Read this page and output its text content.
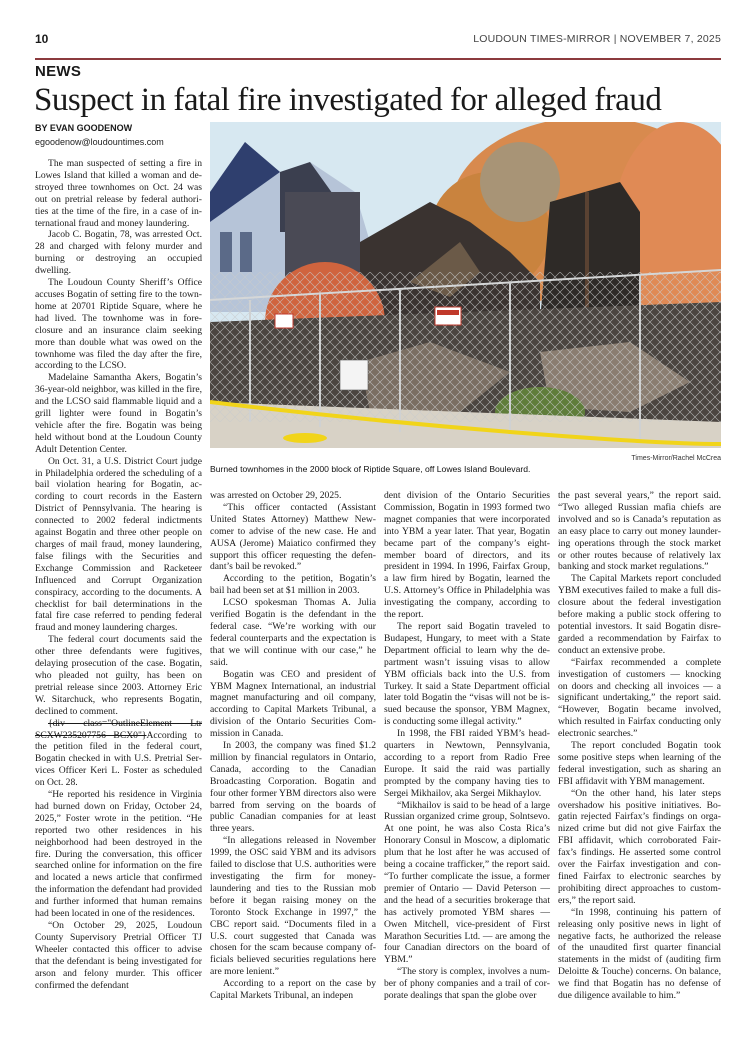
10	LOUDOUN TIMES-MIRROR | NOVEMBER 7, 2025
NEWS
Suspect in fatal fire investigated for alleged fraud
BY EVAN GOODENOW
egoodenow@loudountimes.com
Times-Mirror/Rachel McCrea
Burned townhomes in the 2000 block of Riptide Square, off Lowes Island Boulevard.

The man suspected of setting a fire in Lowes Island that killed a woman and destroyed three townhomes on Oct. 24 was out on pretrial release by federal authorities at the time of the fire, in a case of international fraud and money laundering.

Jacob C. Bogatin, 78, was arrested Oct. 28 and charged with felony murder and burning or destroying an occupied dwelling.

The Loudoun County Sheriff’s Office accuses Bogatin of setting fire to the townhome at 20701 Riptide Square, where he had lived. The townhome was in foreclosure and an insurance claim seeking more than double what was owed on the townhome was filed the day after the fire, according to the LCSO.

Madelaine Samantha Akers, Bogatin’s 36-year-old neighbor, was killed in the fire, and the LCSO said flammable liquid and a grill lighter were found in Bogatin’s vehicle after the fire. Bogatin was being held without bond at the Loudoun County Adult Detention Center.

On Oct. 31, a U.S. District Court judge in Philadelphia ordered the scheduling of a bail violation hearing for Bogatin, according to court records in the Eastern District of Pennsylvania. The hearing is connected to 2002 federal indictments against Bogatin and three other people on charges of mail fraud, money laundering, false filings with the Securities and Exchange Commission and Racketeer Influenced and Corrupt Organization conspiracy, according to the documents. A checklist for bail determinations in the fatal fire case referred to pending federal fraud and money laundering charges.

The federal court documents said the other three defendants were fugitives, delaying prosecution of the case. Bogatin, who pleaded not guilty, has been on pretrial release since 2003. Attorney Eric W. Sitarchuck, who represents Bogatin, declined to comment.

{div class="OutlineElement Ltr SCXW235207756 BCX0"}According to the petition filed in the federal court, Bogatin checked in with U.S. Pretrial Services Officer Keri L. Foster as scheduled on Oct. 28.

“He reported his residence in Virginia had burned down on Friday, October 24, 2025,” Foster wrote in the petition. “He reported two other residences in his neighborhood had been destroyed in the fire. During the conversation, this officer searched online for information on the fire and located a news article that confirmed the information the defendant had provided and further informed that human remains had been located in one of the residences.

“On October 29, 2025, Loudoun County Supervisory Pretrial Officer TJ Wheeler contacted this officer to advise that the defendant is being investigated for arson and felony murder. This officer confirmed the defendant

was arrested on October 29, 2025.

“This officer contacted (Assistant United States Attorney) Matthew Newcomer to advise of the new case. He and AUSA (Jerome) Maiatico confirmed they support this officer requesting the defendant’s bail be revoked.”

According to the petition, Bogatin’s bail had been set at $1 million in 2003.

LCSO spokesman Thomas A. Julia verified Bogatin is the defendant in the federal case. “We’re working with our federal counterparts and the expectation is that we will continue with our case,” he said.

Bogatin was CEO and president of YBM Magnex International, an industrial magnet manufacturing and oil company, according to Capital Markets Tribunal, a division of the Ontario Securities Commission in Canada.

In 2003, the company was fined $1.2 million by financial regulators in Ontario, Canada, according to the Canadian Broadcasting Corporation. Bogatin and four other former YBM directors also were barred from serving on the boards of public Canadian companies for at least three years.

“In allegations released in November 1999, the OSC said YBM and its advisors failed to disclose that U.S. authorities were investigating the firm for money-laundering and ties to the Russian mob before it began raising money on the Toronto Stock Exchange in 1997,” the CBC report said. “Documents filed in a U.S. court suggested that Canada was chosen for the scam because company officials believed securities regulations here are more lenient.”

According to a report on the case by Capital Markets Tribunal, an indepen

dent division of the Ontario Securities Commission, Bogatin in 1993 formed two magnet companies that were incorporated into YBM a year later. That year, Bogatin became part of the company’s eight-member board of directors, and its president in 1994. In 1996, Fairfax Group, a law firm hired by Bogatin, learned the U.S. Attorney’s Office in Philadelphia was investigating the company, according to the report.

The report said Bogatin traveled to Budapest, Hungary, to meet with a State Department official to learn why the department wasn’t issuing visas to allow YBM officials back into the U.S. from Turkey. It said a State Department official later told Bogatin the “visas will not be issued because the sponsor, YBM Magnex, is conducting some illegal activity.”

In 1998, the FBI raided YBM’s headquarters in Newtown, Pennsylvania, according to a report from Radio Free Europe. It said the raid was partially prompted by the company having ties to Sergei Mikhailov, aka Sergei Mikhaylov.

“Mikhailov is said to be head of a large Russian organized crime group, Solntsevo. At one point, he was also Costa Rica’s Honorary Consul in Moscow, a diplomatic plum that he lost after he was accused of being a cocaine trafficker,” the report said. “To further complicate the issue, a former premier of Ontario — David Peterson — and the head of a securities brokerage that has actively promoted YBM shares — Owen Mitchell, vice-president of First Marathon Securities Ltd. — are among the four Canadian directors on the board of YBM.”

“The story is complex, involves a number of phony companies and a trail of corporate dealings that span the globe over

the past several years,” the report said. “Two alleged Russian mafia chiefs are involved and so is Canada’s reputation as an easy place to carry out money laundering operations through the stock market or other routes because of relatively lax banking and stock market regulations.”

The Capital Markets report concluded YBM executives failed to make a full disclosure about the federal investigation before making a public stock offering to potential investors. It said Bogatin disregarded a recommendation by Fairfax to conduct an extensive probe.

“Fairfax recommended a complete investigation of customers — knocking on doors and checking all invoices — a significant undertaking,” the report said. “However, Bogatin became involved, which resulted in Fairfax conducting only electronic searches.”

The report concluded Bogatin took some positive steps when learning of the federal investigation, such as sharing an FBI affidavit with YBM management.

“On the other hand, his later steps overshadow his positive initiatives. Bogatin rejected Fairfax’s findings on organized crime but did not give Fairfax the FBI affidavit, which corroborated Fairfax’s findings. He asserted some control over the Fairfax investigation and confined Fairfax to electronic searches by prohibiting direct approaches to customers,” the report said.

“In 1998, continuing his pattern of releasing only positive news in light of negative facts, he authorized the release of the unaudited first quarter financial statements in the midst of (auditing firm Deloitte & Touche) concerns. On balance, we find that Bogatin has no defense of due diligence available to him.”
